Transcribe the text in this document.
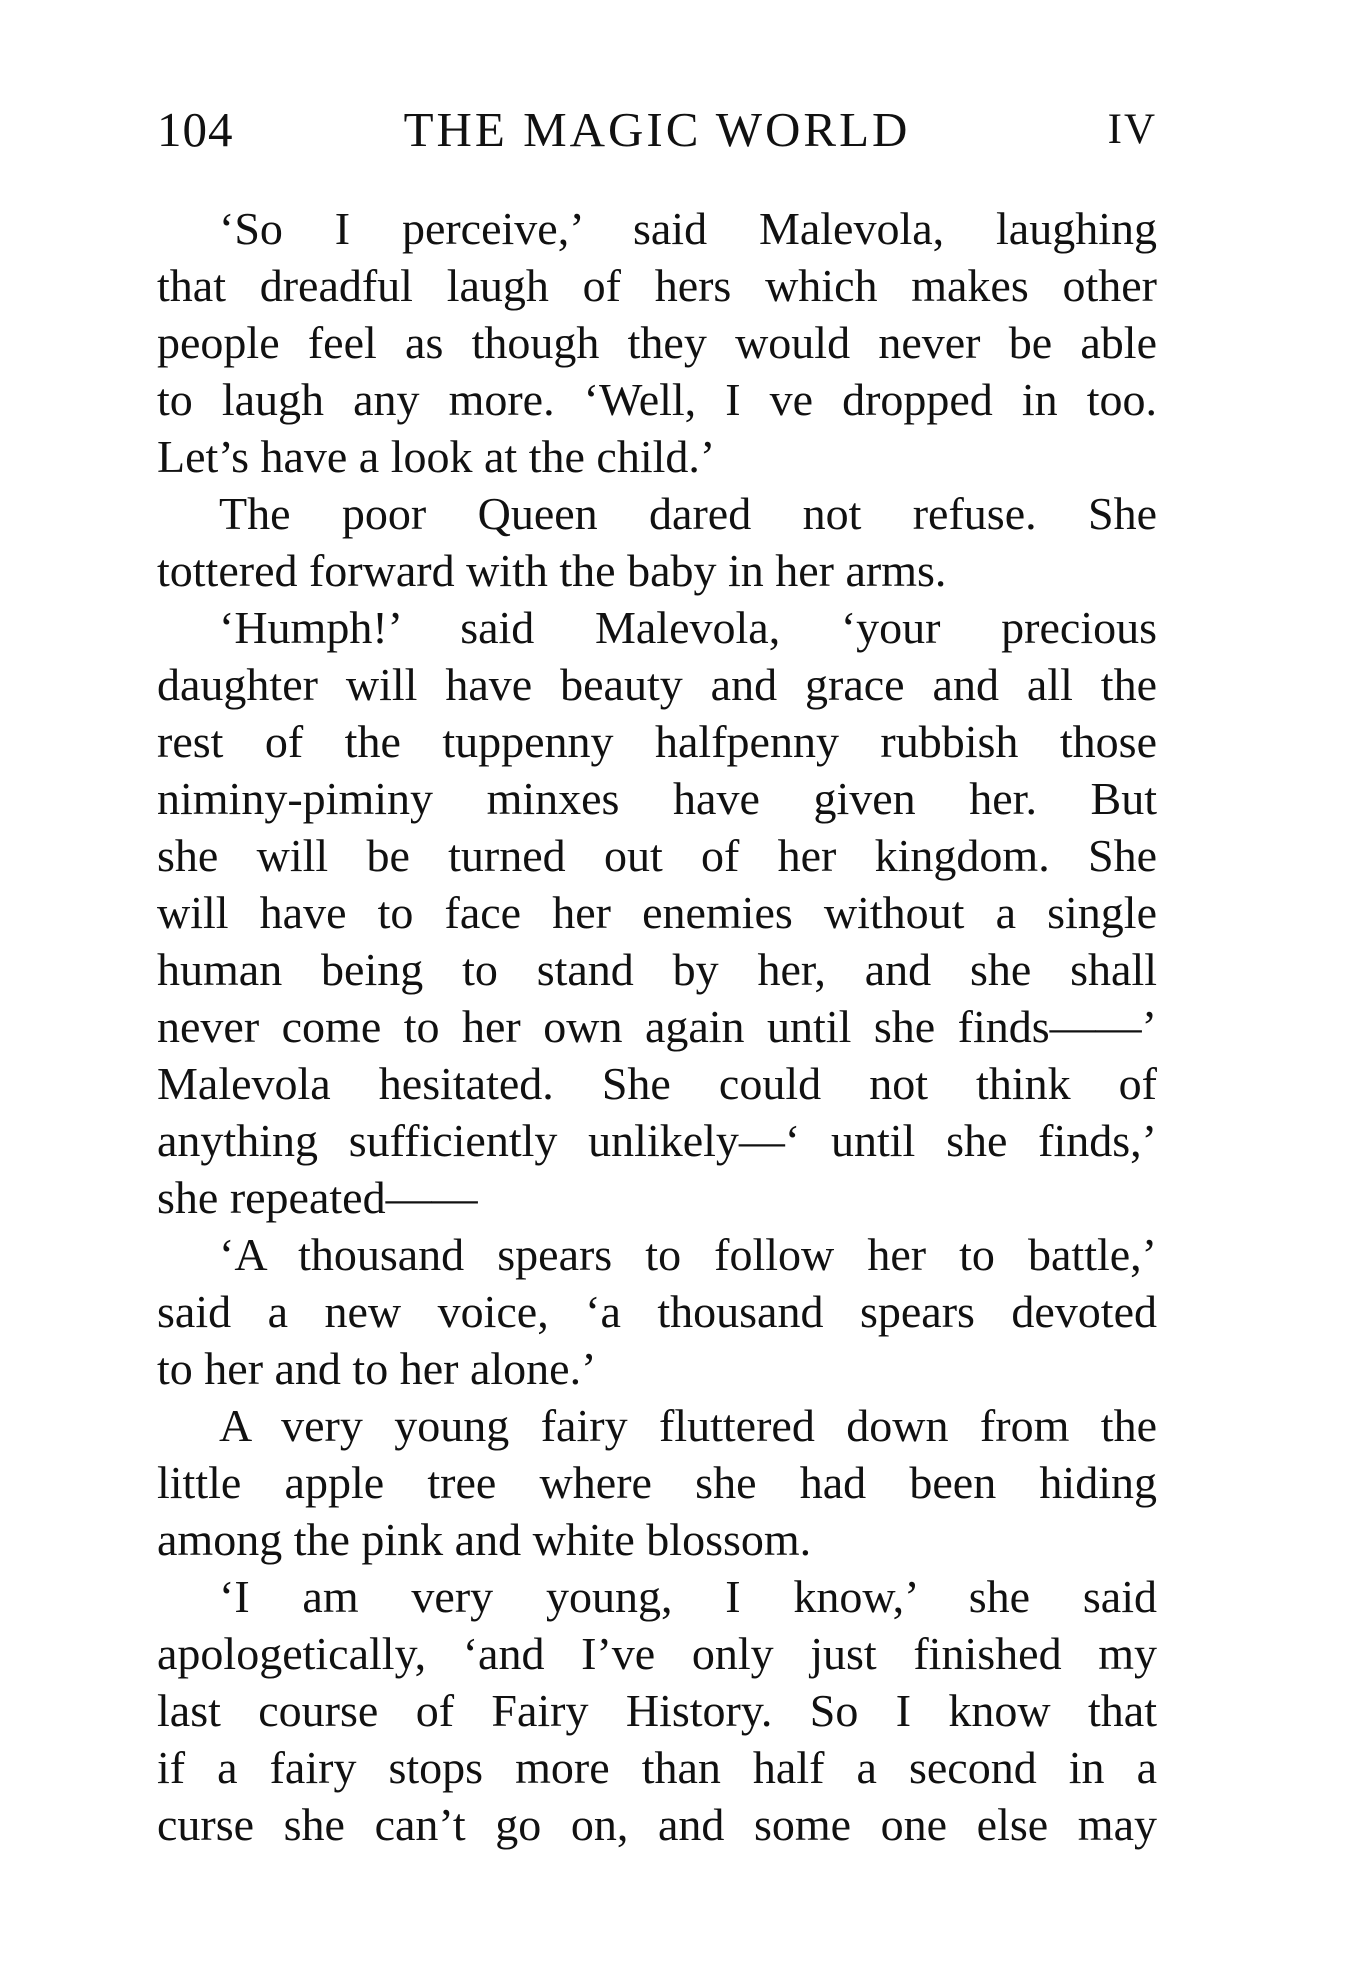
104	THE MAGIC WORLD	IV
‘So I perceive,’ said Malevola, laughing
that dreadful laugh of hers which makes other
people feel as though they would never be able
to laugh any more. ‘Well, I ve dropped in too.
Let’s have a look at the child.’
The poor Queen dared not refuse. She
tottered forward with the baby in her arms.
‘Humph!’ said Malevola, ‘your precious
daughter will have beauty and grace and all the
rest of the tuppenny halfpenny rubbish those
niminy-piminy minxes have given her. But
she will be turned out of her kingdom. She
will have to face her enemies without a single
human being to stand by her, and she shall
never come to her own again until she finds——’
Malevola hesitated. She could not think of
anything sufficiently unlikely—‘ until she finds,’
she repeated——
‘A thousand spears to follow her to battle,’
said a new voice, ‘a thousand spears devoted
to her and to her alone.’
A very young fairy fluttered down from the
little apple tree where she had been hiding
among the pink and white blossom.
‘I am very young, I know,’ she said
apologetically, ‘and I’ve only just finished my
last course of Fairy History. So I know that
if a fairy stops more than half a second in a
curse she can’t go on, and some one else may
